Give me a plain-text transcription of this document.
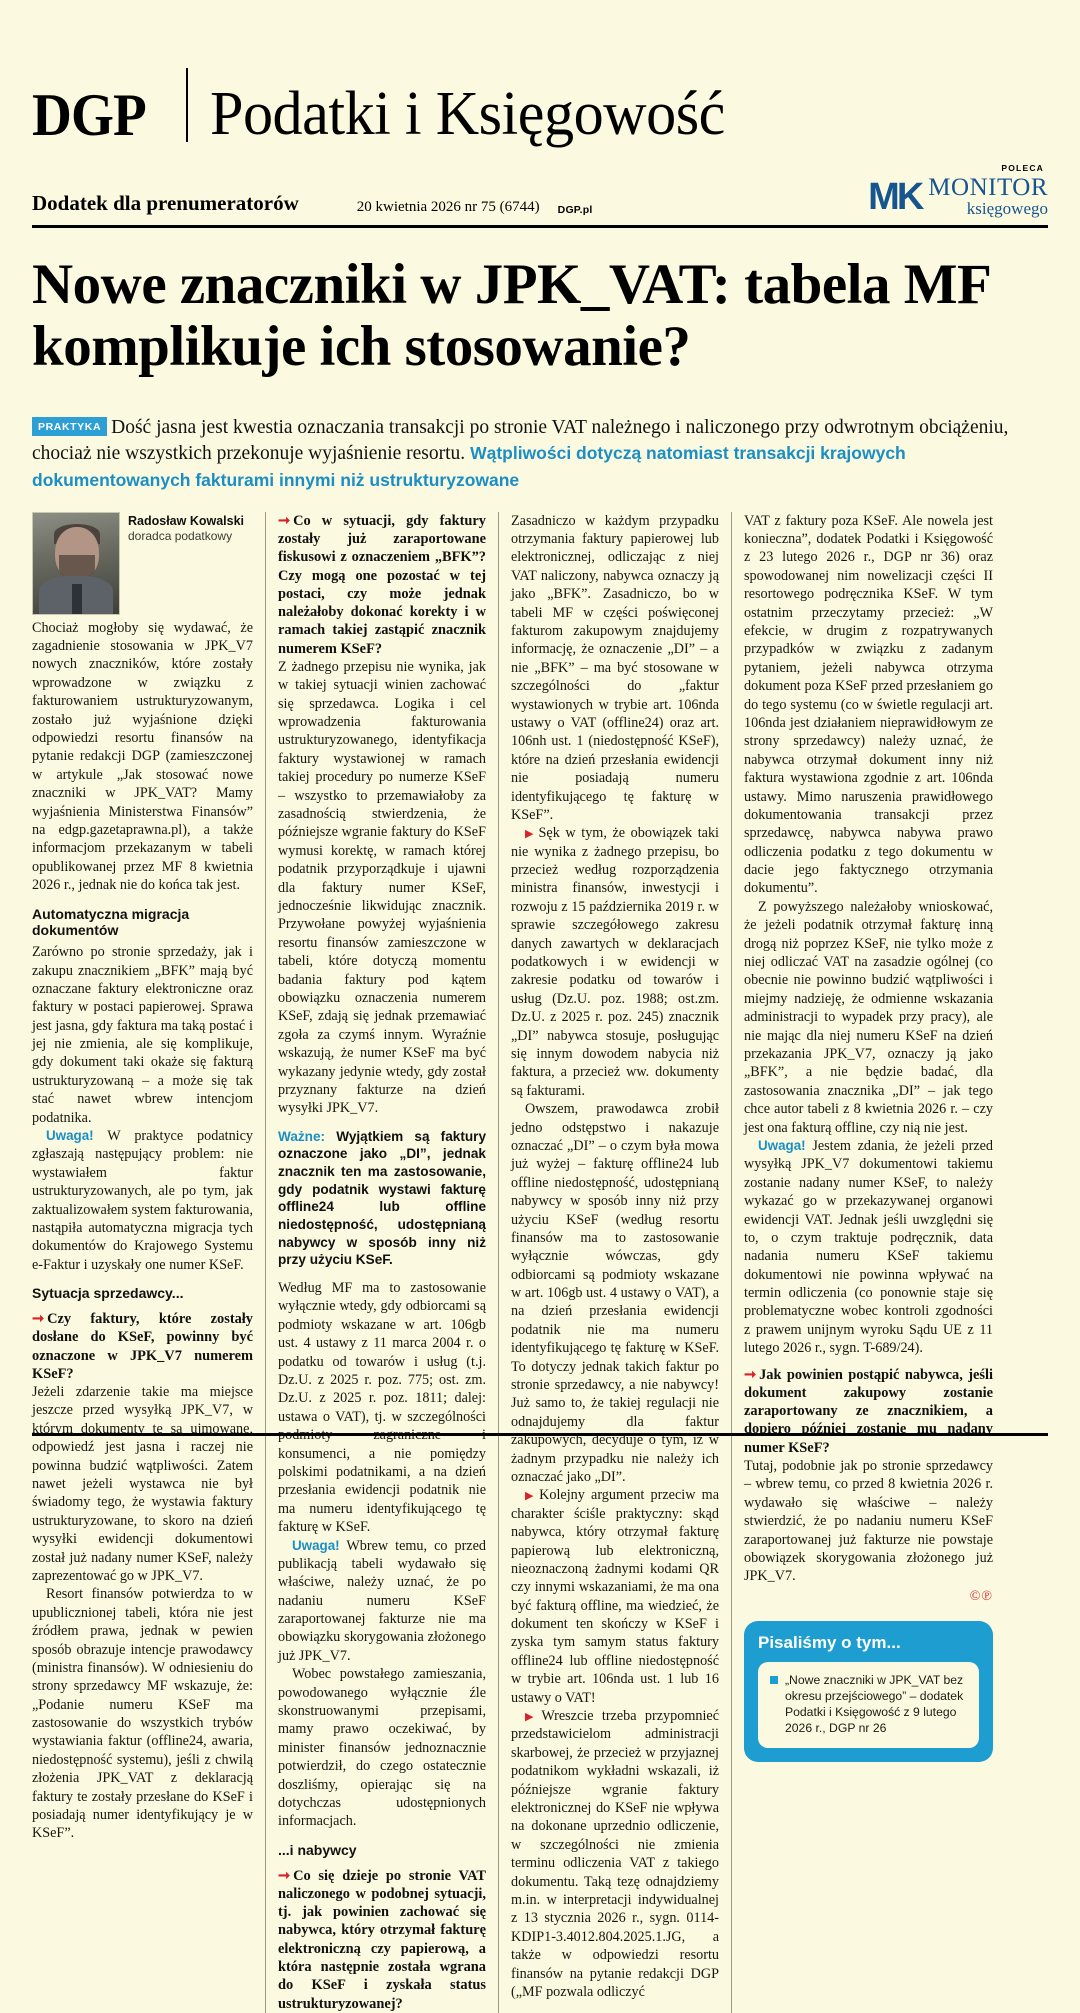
DGP Podatki i Księgowość
Dodatek dla prenumeratorów	20 kwietnia 2026 nr 75 (6744) DGP.pl
POLECA
MK MONITOR
księgowego
Nowe znaczniki w JPK_VAT: tabela MF komplikuje ich stosowanie?
PRAKTYKA Dość jasna jest kwestia oznaczania transakcji po stronie VAT należnego i naliczonego przy odwrotnym obciążeniu, chociaż nie wszystkich przekonuje wyjaśnienie resortu. Wątpliwości dotyczą natomiast transakcji krajowych dokumentowanych fakturami innymi niż ustrukturyzowane
Radosław Kowalski
doradca podatkowy
Chociaż mogłoby się wydawać, że zagadnienie stosowania w JPK_V7 nowych znaczników, które zostały wprowadzone w związku z fakturowaniem ustrukturyzowanym, zostało już wyjaśnione dzięki odpowiedzi resortu finansów na pytanie redakcji DGP (zamieszczonej w artykule „Jak stosować nowe znaczniki w JPK_VAT? Mamy wyjaśnienia Ministerstwa Finansów” na edgp.gazetaprawna.pl), a także informacjom przekazanym w tabeli opublikowanej przez MF 8 kwietnia 2026 r., jednak nie do końca tak jest.
Automatyczna migracja dokumentów

Zarówno po stronie sprzedaży, jak i zakupu znacznikiem „BFK” mają być oznaczane faktury elektroniczne oraz faktury w postaci papierowej. Sprawa jest jasna, gdy faktura ma taką postać i jej nie zmienia, ale się komplikuje, gdy dokument taki okaże się fakturą ustrukturyzowaną – a może się tak stać nawet wbrew intencjom podatnika.

Uwaga! W praktyce podatnicy zgłaszają następujący problem: nie wystawiałem faktur ustrukturyzowanych, ale po tym, jak zaktualizowałem system fakturowania, nastąpiła automatyczna migracja tych dokumentów do Krajowego Systemu e-Faktur i uzyskały one numer KSeF.

Sytuacja sprzedawcy...

➞ Czy faktury, które zostały dosłane do KSeF, powinny być oznaczone w JPK_V7 numerem KSeF?

Jeżeli zdarzenie takie ma miejsce jeszcze przed wysyłką JPK_V7, w którym dokumenty te są ujmowane, odpowiedź jest jasna i raczej nie powinna budzić wątpliwości. Zatem nawet jeżeli wystawca nie był świadomy tego, że wystawia faktury ustrukturyzowane, to skoro na dzień wysyłki ewidencji dokumentowi został już nadany numer KSeF, należy zaprezentować go w JPK_V7.

Resort finansów potwierdza to w upublicznionej tabeli, która nie jest źródłem prawa, jednak w pewien sposób obrazuje intencje prawodawcy (ministra finansów). W odniesieniu do strony sprzedawcy MF wskazuje, że: „Podanie numeru KSeF ma zastosowanie do wszystkich trybów wystawiania faktur (offline24, awaria, niedostępność systemu), jeśli z chwilą złożenia JPK_VAT z deklaracją faktury te zostały przesłane do KSeF i posiadają numer identyfikujący je w KSeF”.

➞ Co w sytuacji, gdy faktury zostały już zaraportowane fiskusowi z oznaczeniem „BFK”? Czy mogą one pozostać w tej postaci, czy może jednak należałoby dokonać korekty i w ramach takiej zastąpić znacznik numerem KSeF?

Z żadnego przepisu nie wynika, jak w takiej sytuacji winien zachować się sprzedawca. Logika i cel wprowadzenia fakturowania ustrukturyzowanego, identyfikacja faktury wystawionej w ramach takiej procedury po numerze KSeF – wszystko to przemawiałoby za zasadnością stwierdzenia, że późniejsze wgranie faktury do KSeF wymusi korektę, w ramach której podatnik przyporządkuje i ujawni dla faktury numer KSeF, jednocześnie likwidując znacznik. Przywołane powyżej wyjaśnienia resortu finansów zamieszczone w tabeli, które dotyczą momentu badania faktury pod kątem obowiązku oznaczenia numerem KSeF, zdają się jednak przemawiać zgoła za czymś innym. Wyraźnie wskazują, że numer KSeF ma być wykazany jedynie wtedy, gdy został przyznany fakturze na dzień wysyłki JPK_V7.

Ważne: Wyjątkiem są faktury oznaczone jako „DI”, jednak znacznik ten ma zastosowanie, gdy podatnik wystawi fakturę offline24 lub offline niedostępność, udostępnianą nabywcy w sposób inny niż przy użyciu KSeF.

Według MF ma to zastosowanie wyłącznie wtedy, gdy odbiorcami są podmioty wskazane w art. 106gb ust. 4 ustawy z 11 marca 2004 r. o podatku od towarów i usług (t.j. Dz.U. z 2025 r. poz. 775; ost. zm. Dz.U. z 2025 r. poz. 1811; dalej: ustawa o VAT), tj. w szczególności podmioty zagraniczne i konsumenci, a nie pomiędzy polskimi podatnikami, a na dzień przesłania ewidencji podatnik nie ma numeru identyfikującego tę fakturę w KSeF.

Uwaga! Wbrew temu, co przed publikacją tabeli wydawało się właściwe, należy uznać, że po nadaniu numeru KSeF zaraportowanej fakturze nie ma obowiązku skorygowania złożonego już JPK_V7.

Wobec powstałego zamieszania, powodowanego wyłącznie źle skonstruowanymi przepisami, mamy prawo oczekiwać, by minister finansów jednoznacznie potwierdził, do czego ostatecznie doszliśmy, opierając się na dotychczas udostępnionych informacjach.

...i nabywcy

➞ Co się dzieje po stronie VAT naliczonego w podobnej sytuacji, tj. jak powinien zachować się nabywca, który otrzymał fakturę elektroniczną czy papierową, a która następnie została wgrana do KSeF i zyskała status ustrukturyzowanej?

Zasadniczo w każdym przypadku otrzymania faktury papierowej lub elektronicznej, odliczając z niej VAT naliczony, nabywca oznaczy ją jako „BFK”. Zasadniczo, bo w tabeli MF w części poświęconej fakturom zakupowym znajdujemy informację, że oznaczenie „DI” – a nie „BFK” – ma być stosowane w szczególności do „faktur wystawionych w trybie art. 106nda ustawy o VAT (offline24) oraz art. 106nh ust. 1 (niedostępność KSeF), które na dzień przesłania ewidencji nie posiadają numeru identyfikującego tę fakturę w KSeF”.

▶ Sęk w tym, że obowiązek taki nie wynika z żadnego przepisu, bo przecież według rozporządzenia ministra finansów, inwestycji i rozwoju z 15 października 2019 r. w sprawie szczegółowego zakresu danych zawartych w deklaracjach podatkowych i w ewidencji w zakresie podatku od towarów i usług (Dz.U. poz. 1988; ost.zm. Dz.U. z 2025 r. poz. 245) znacznik „DI” nabywca stosuje, posługując się innym dowodem nabycia niż faktura, a przecież ww. dokumenty są fakturami.

Owszem, prawodawca zrobił jedno odstępstwo i nakazuje oznaczać „DI” – o czym była mowa już wyżej – fakturę offline24 lub offline niedostępność, udostępnianą nabywcy w sposób inny niż przy użyciu KSeF (według resortu finansów ma to zastosowanie wyłącznie wówczas, gdy odbiorcami są podmioty wskazane w art. 106gb ust. 4 ustawy o VAT), a na dzień przesłania ewidencji podatnik nie ma numeru identyfikującego tę fakturę w KSeF. To dotyczy jednak takich faktur po stronie sprzedawcy, a nie nabywcy! Już samo to, że takiej regulacji nie odnajdujemy dla faktur zakupowych, decyduje o tym, iż w żadnym przypadku nie należy ich oznaczać jako „DI”.

▶ Kolejny argument przeciw ma charakter ściśle praktyczny: skąd nabywca, który otrzymał fakturę papierową lub elektroniczną, nieoznaczoną żadnymi kodami QR czy innymi wskazaniami, że ma ona być fakturą offline, ma wiedzieć, że dokument ten skończy w KSeF i zyska tym samym status faktury offline24 lub offline niedostępność w trybie art. 106nda ust. 1 lub 16 ustawy o VAT!

▶ Wreszcie trzeba przypomnieć przedstawicielom administracji skarbowej, że przecież w przyjaznej podatnikom wykładni wskazali, iż późniejsze wgranie faktury elektronicznej do KSeF nie wpływa na dokonane uprzednio odliczenie, w szczególności nie zmienia terminu odliczenia VAT z takiego dokumentu. Taką tezę odnajdziemy m.in. w interpretacji indywidualnej z 13 stycznia 2026 r., sygn. 0114-KDIP1-3.4012.804.2025.1.JG, a także w odpowiedzi resortu finansów na pytanie redakcji DGP („MF pozwala odliczyć

VAT z faktury poza KSeF. Ale nowela jest konieczna”, dodatek Podatki i Księgowość z 23 lutego 2026 r., DGP nr 36) oraz spowodowanej nim nowelizacji części II resortowego podręcznika KSeF. W tym ostatnim przeczytamy przecież: „W efekcie, w drugim z rozpatrywanych przypadków w związku z zadanym pytaniem, jeżeli nabywca otrzyma dokument poza KSeF przed przesłaniem go do tego systemu (co w świetle regulacji art. 106nda jest działaniem nieprawidłowym ze strony sprzedawcy) należy uznać, że nabywca otrzymał dokument inny niż faktura wystawiona zgodnie z art. 106nda ustawy. Mimo naruszenia prawidłowego dokumentowania transakcji przez sprzedawcę, nabywca nabywa prawo odliczenia podatku z tego dokumentu w dacie jego faktycznego otrzymania dokumentu”.

Z powyższego należałoby wnioskować, że jeżeli podatnik otrzymał fakturę inną drogą niż poprzez KSeF, nie tylko może z niej odliczać VAT na zasadzie ogólnej (co obecnie nie powinno budzić wątpliwości i miejmy nadzieję, że odmienne wskazania administracji to wypadek przy pracy), ale nie mając dla niej numeru KSeF na dzień przekazania JPK_V7, oznaczy ją jako „BFK”, a nie będzie badać, dla zastosowania znacznika „DI” – jak tego chce autor tabeli z 8 kwietnia 2026 r. – czy jest ona fakturą offline, czy nią nie jest.

Uwaga! Jestem zdania, że jeżeli przed wysyłką JPK_V7 dokumentowi takiemu zostanie nadany numer KSeF, to należy wykazać go w przekazywanej organowi ewidencji VAT. Jednak jeśli uwzględni się to, o czym traktuje podręcznik, data nadania numeru KSeF takiemu dokumentowi nie powinna wpływać na termin odliczenia (co ponownie staje się problematyczne wobec kontroli zgodności z prawem unijnym wyroku Sądu UE z 11 lutego 2026 r., sygn. T-689/24).

➞ Jak powinien postąpić nabywca, jeśli dokument zakupowy zostanie zaraportowany ze znacznikiem, a dopiero później zostanie mu nadany numer KSeF?

Tutaj, podobnie jak po stronie sprzedawcy – wbrew temu, co przed 8 kwietnia 2026 r. wydawało się właściwe – należy stwierdzić, że po nadaniu numeru KSeF zaraportowanej już fakturze nie powstaje obowiązek skorygowania złożonego już JPK_V7.

©℗
Pisaliśmy o tym...
„Nowe znaczniki w JPK_VAT bez okresu przejściowego” – dodatek Podatki i Księgowość z 9 lutego 2026 r., DGP nr 26
